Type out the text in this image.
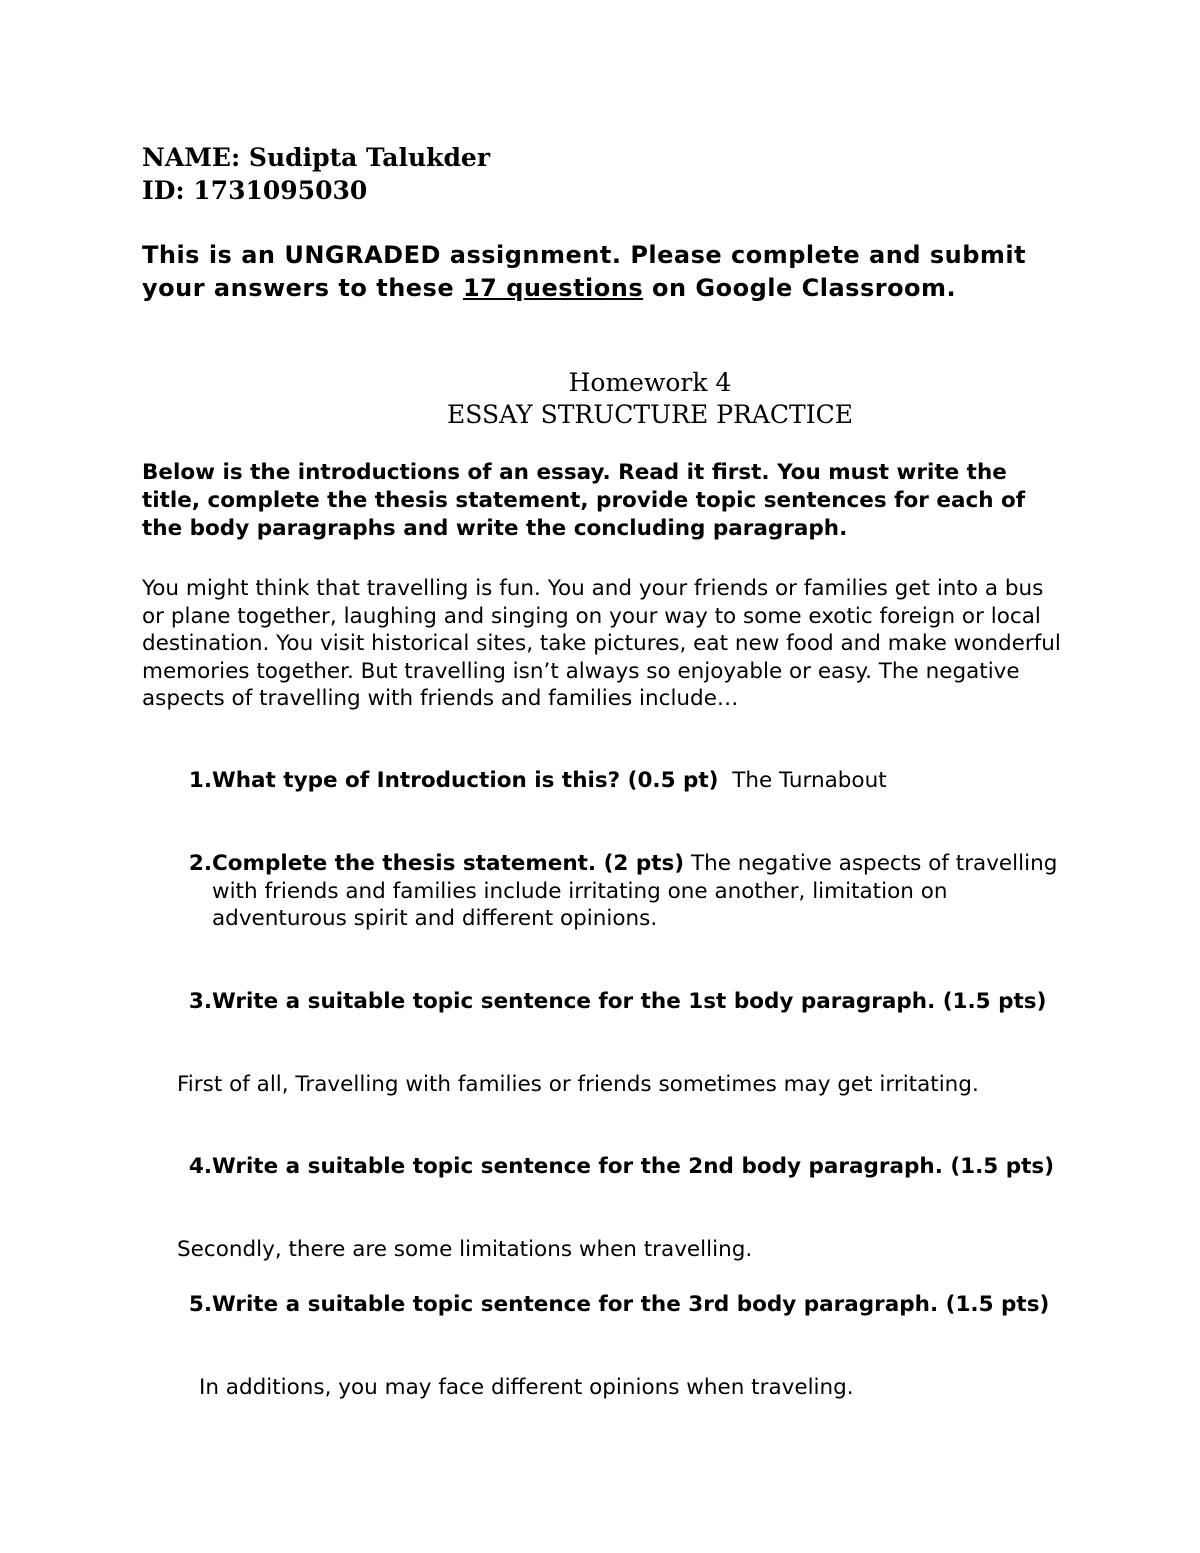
NAME: Sudipta Talukder
ID: 1731095030
This is an UNGRADED assignment. Please complete and submit your answers to these 17 questions on Google Classroom.
Homework 4
ESSAY STRUCTURE PRACTICE
Below is the introductions of an essay. Read it first. You must write the title, complete the thesis statement, provide topic sentences for each of the body paragraphs and write the concluding paragraph.
You might think that travelling is fun. You and your friends or families get into a bus or plane together, laughing and singing on your way to some exotic foreign or local destination. You visit historical sites, take pictures, eat new food and make wonderful memories together. But travelling isn’t always so enjoyable or easy. The negative aspects of travelling with friends and families include…
1. What type of Introduction is this? (0.5 pt) The Turnabout
2. Complete the thesis statement. (2 pts) The negative aspects of travelling with friends and families include irritating one another, limitation on adventurous spirit and different opinions.
3. Write a suitable topic sentence for the 1st body paragraph. (1.5 pts)
First of all, Travelling with families or friends sometimes may get irritating.
4. Write a suitable topic sentence for the 2nd body paragraph. (1.5 pts)
Secondly, there are some limitations when travelling.
5. Write a suitable topic sentence for the 3rd body paragraph. (1.5 pts)
In additions, you may face different opinions when traveling.
